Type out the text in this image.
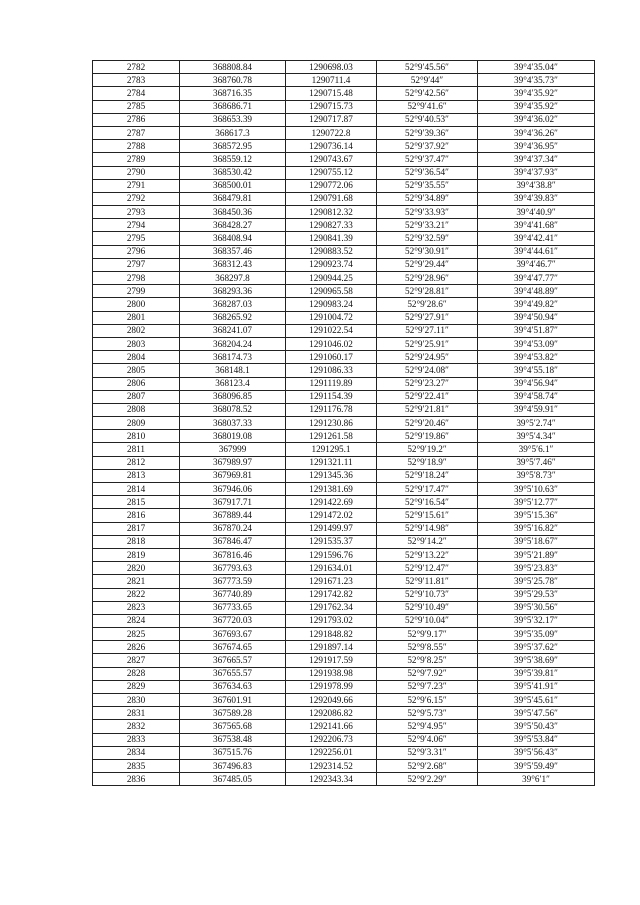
2782	368808.84	1290698.03	52°9′45.56″	39°4′35.04″
2783	368760.78	1290711.4	52°9′44″	39°4′35.73″
2784	368716.35	1290715.48	52°9′42.56″	39°4′35.92″
2785	368686.71	1290715.73	52°9′41.6″	39°4′35.92″
2786	368653.39	1290717.87	52°9′40.53″	39°4′36.02″
2787	368617.3	1290722.8	52°9′39.36″	39°4′36.26″
2788	368572.95	1290736.14	52°9′37.92″	39°4′36.95″
2789	368559.12	1290743.67	52°9′37.47″	39°4′37.34″
2790	368530.42	1290755.12	52°9′36.54″	39°4′37.93″
2791	368500.01	1290772.06	52°9′35.55″	39°4′38.8″
2792	368479.81	1290791.68	52°9′34.89″	39°4′39.83″
2793	368450.36	1290812.32	52°9′33.93″	39°4′40.9″
2794	368428.27	1290827.33	52°9′33.21″	39°4′41.68″
2795	368408.94	1290841.39	52°9′32.59″	39°4′42.41″
2796	368357.46	1290883.52	52°9′30.91″	39°4′44.61″
2797	368312.43	1290923.74	52°9′29.44″	39°4′46.7″
2798	368297.8	1290944.25	52°9′28.96″	39°4′47.77″
2799	368293.36	1290965.58	52°9′28.81″	39°4′48.89″
2800	368287.03	1290983.24	52°9′28.6″	39°4′49.82″
2801	368265.92	1291004.72	52°9′27.91″	39°4′50.94″
2802	368241.07	1291022.54	52°9′27.11″	39°4′51.87″
2803	368204.24	1291046.02	52°9′25.91″	39°4′53.09″
2804	368174.73	1291060.17	52°9′24.95″	39°4′53.82″
2805	368148.1	1291086.33	52°9′24.08″	39°4′55.18″
2806	368123.4	1291119.89	52°9′23.27″	39°4′56.94″
2807	368096.85	1291154.39	52°9′22.41″	39°4′58.74″
2808	368078.52	1291176.78	52°9′21.81″	39°4′59.91″
2809	368037.33	1291230.86	52°9′20.46″	39°5′2.74″
2810	368019.08	1291261.58	52°9′19.86″	39°5′4.34″
2811	367999	1291295.1	52°9′19.2″	39°5′6.1″
2812	367989.97	1291321.11	52°9′18.9″	39°5′7.46″
2813	367969.81	1291345.36	52°9′18.24″	39°5′8.73″
2814	367946.06	1291381.69	52°9′17.47″	39°5′10.63″
2815	367917.71	1291422.69	52°9′16.54″	39°5′12.77″
2816	367889.44	1291472.02	52°9′15.61″	39°5′15.36″
2817	367870.24	1291499.97	52°9′14.98″	39°5′16.82″
2818	367846.47	1291535.37	52°9′14.2″	39°5′18.67″
2819	367816.46	1291596.76	52°9′13.22″	39°5′21.89″
2820	367793.63	1291634.01	52°9′12.47″	39°5′23.83″
2821	367773.59	1291671.23	52°9′11.81″	39°5′25.78″
2822	367740.89	1291742.82	52°9′10.73″	39°5′29.53″
2823	367733.65	1291762.34	52°9′10.49″	39°5′30.56″
2824	367720.03	1291793.02	52°9′10.04″	39°5′32.17″
2825	367693.67	1291848.82	52°9′9.17″	39°5′35.09″
2826	367674.65	1291897.14	52°9′8.55″	39°5′37.62″
2827	367665.57	1291917.59	52°9′8.25″	39°5′38.69″
2828	367655.57	1291938.98	52°9′7.92″	39°5′39.81″
2829	367634.63	1291978.99	52°9′7.23″	39°5′41.91″
2830	367601.91	1292049.66	52°9′6.15″	39°5′45.61″
2831	367589.28	1292086.82	52°9′5.73″	39°5′47.56″
2832	367565.68	1292141.66	52°9′4.95″	39°5′50.43″
2833	367538.48	1292206.73	52°9′4.06″	39°5′53.84″
2834	367515.76	1292256.01	52°9′3.31″	39°5′56.43″
2835	367496.83	1292314.52	52°9′2.68″	39°5′59.49″
2836	367485.05	1292343.34	52°9′2.29″	39°6′1″
